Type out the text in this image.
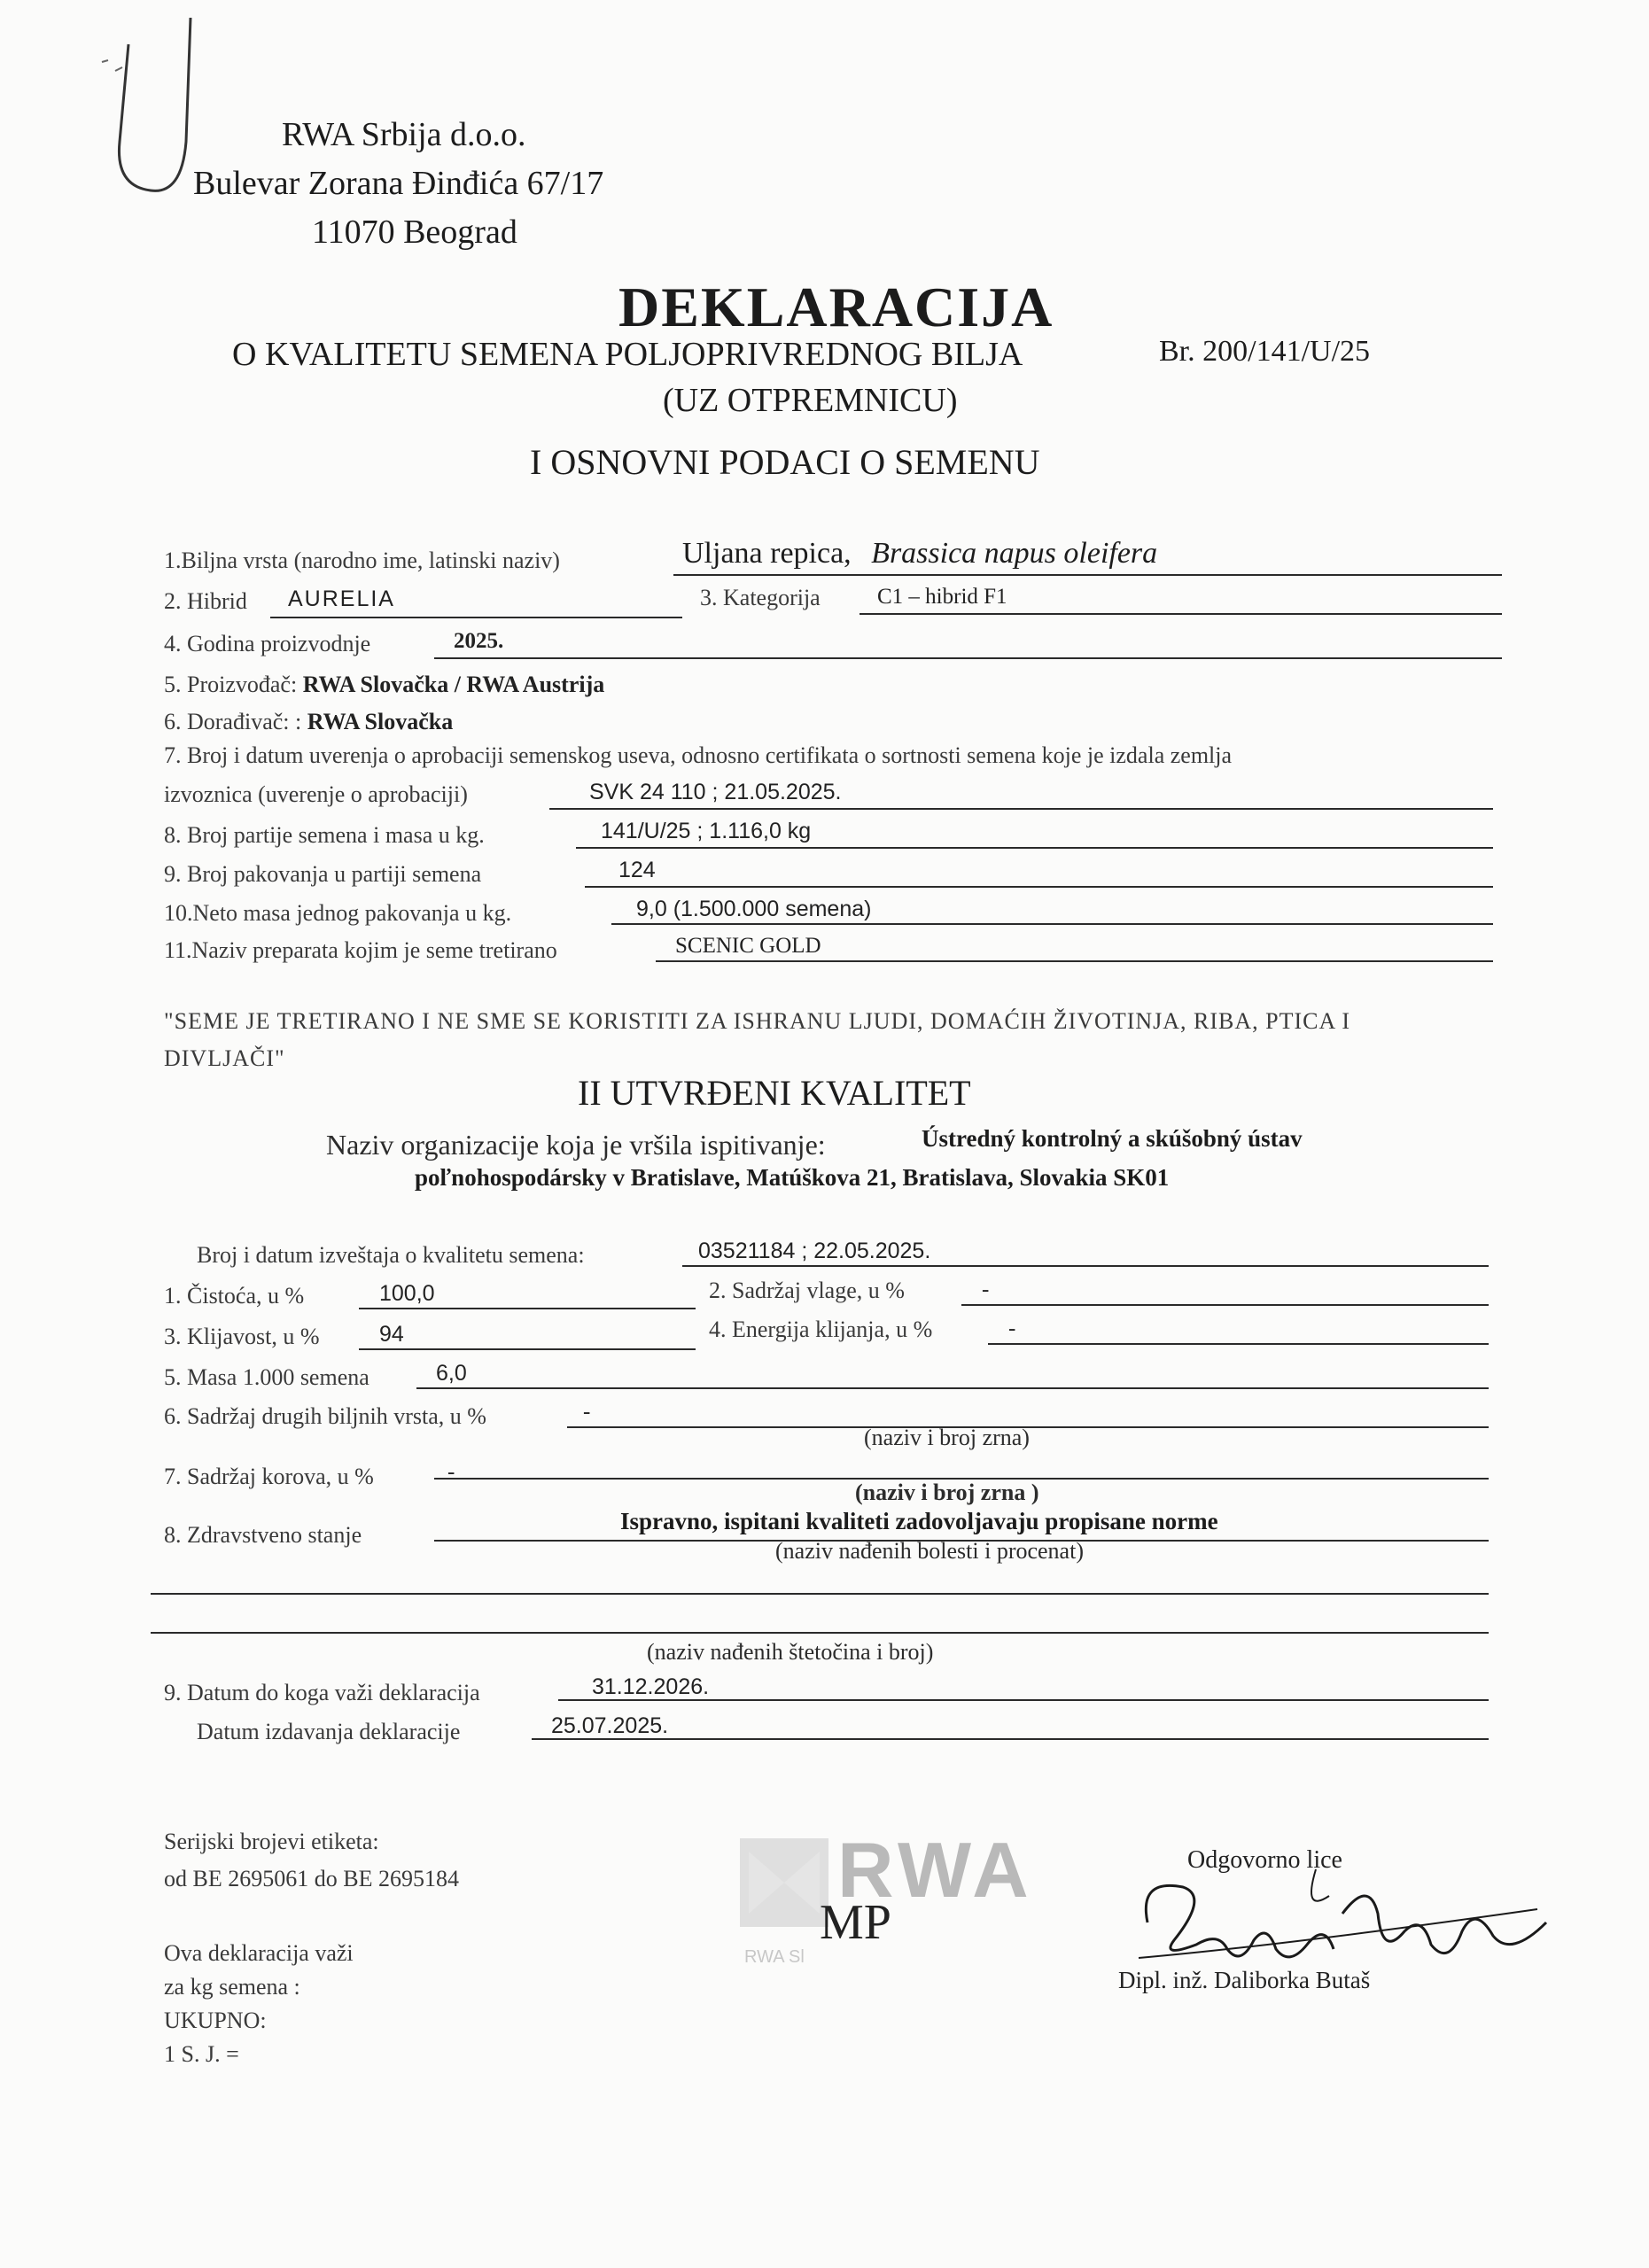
RWA Srbija d.o.o.
Bulevar Zorana Đinđića 67/17
11070 Beograd
DEKLARACIJA
O KVALITETU SEMENA POLJOPRIVREDNOG BILJA	Br. 200/141/U/25
(UZ OTPREMNICU)
I OSNOVNI PODACI O SEMENU
1.Biljna vrsta (narodno ime, latinski naziv)	Uljana repica, Brassica napus oleifera
2. Hibrid AURELIA	3. Kategorija	C1 – hibrid F1
4. Godina proizvodnje	2025.
5. Proizvođač: RWA Slovačka / RWA Austrija
6. Dorađivač: : RWA Slovačka
7. Broj i datum uverenja o aprobaciji semenskog useva, odnosno certifikata o sortnosti semena koje je izdala zemlja
izvoznica (uverenje o aprobaciji)	SVK 24 110 ; 21.05.2025.
8. Broj partije semena i masa u kg.	141/U/25 ; 1.116,0 kg
9. Broj pakovanja u partiji semena	124
10.Neto masa jednog pakovanja u kg.	9,0 (1.500.000 semena)
11.Naziv preparata kojim je seme tretirano	SCENIC GOLD
"SEME JE TRETIRANO I NE SME SE KORISTITI ZA ISHRANU LJUDI, DOMAĆIH ŽIVOTINJA, RIBA, PTICA I
DIVLJAČI"
II UTVRĐENI KVALITET
Naziv organizacije koja je vršila ispitivanje:	Ústredný kontrolný a skúšobný ústav
poľnohospodársky v Bratislave, Matúškova 21, Bratislava, Slovakia SK01
Broj i datum izveštaja o kvalitetu semena:	03521184 ; 22.05.2025.
1. Čistoća, u %	100,0	2. Sadržaj vlage, u %	-
3. Klijavost, u %	94	4. Energija klijanja, u %	-
5. Masa 1.000 semena	6,0
6. Sadržaj drugih biljnih vrsta, u %	-
(naziv i broj zrna)
7. Sadržaj korova, u %	-
(naziv i broj zrna )
8. Zdravstveno stanje
Ispravno, ispitani kvaliteti zadovoljavaju propisane norme
(naziv nađenih bolesti i procenat)
(naziv nađenih štetočina i broj)
9. Datum do koga važi deklaracija	31.12.2026.
Datum izdavanja deklaracije	25.07.2025.
Serijski brojevi etiketa:
od BE 2695061 do BE 2695184
Ova deklaracija važi
za kg semena :
UKUPNO:
1 S. J. =
RWA
RWA Sl
MP
Odgovorno lice
Dipl. inž. Daliborka Butaš
